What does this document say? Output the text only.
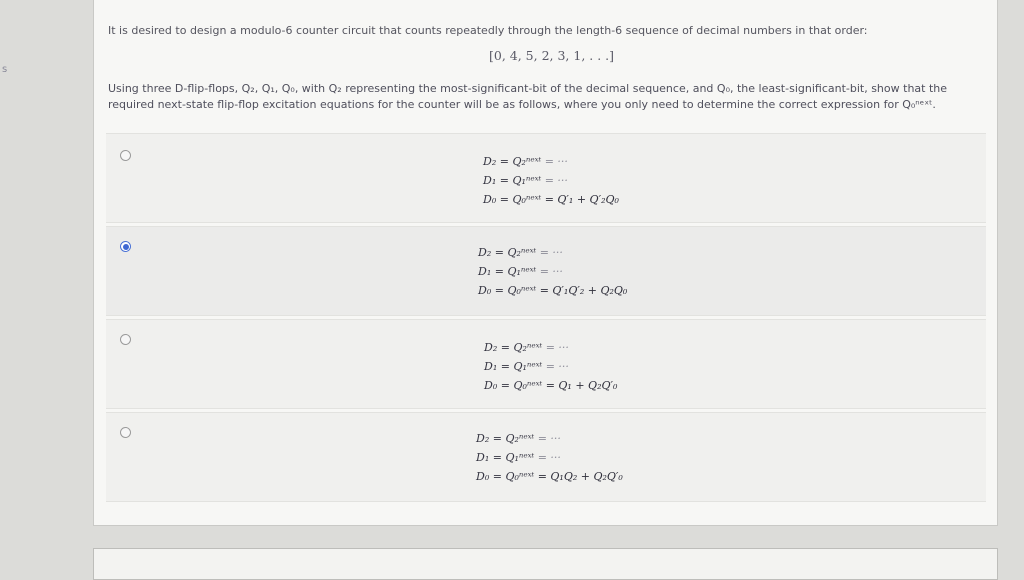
s
It is desired to design a modulo-6 counter circuit that counts repeatedly through the length-6 sequence of decimal numbers in that order:
[0, 4, 5, 2, 3, 1, . . .]
Using three D-flip-flops, Q₂, Q₁, Q₀, with Q₂ representing the most-significant-bit of the decimal sequence, and Q₀, the least-significant-bit, show that the required next-state flip-flop excitation equations for the counter will be as follows, where you only need to determine the correct expression for Q₀ⁿᵉˣᵗ.
D₂ = Q₂ⁿᵉˣᵗ = ···
D₁ = Q₁ⁿᵉˣᵗ = ···
D₀ = Q₀ⁿᵉˣᵗ = Q′₁ + Q′₂Q₀
D₂ = Q₂ⁿᵉˣᵗ = ···
D₁ = Q₁ⁿᵉˣᵗ = ···
D₀ = Q₀ⁿᵉˣᵗ = Q′₁Q′₂ + Q₂Q₀
D₂ = Q₂ⁿᵉˣᵗ = ···
D₁ = Q₁ⁿᵉˣᵗ = ···
D₀ = Q₀ⁿᵉˣᵗ = Q₁ + Q₂Q′₀
D₂ = Q₂ⁿᵉˣᵗ = ···
D₁ = Q₁ⁿᵉˣᵗ = ···
D₀ = Q₀ⁿᵉˣᵗ = Q₁Q₂ + Q₂Q′₀
